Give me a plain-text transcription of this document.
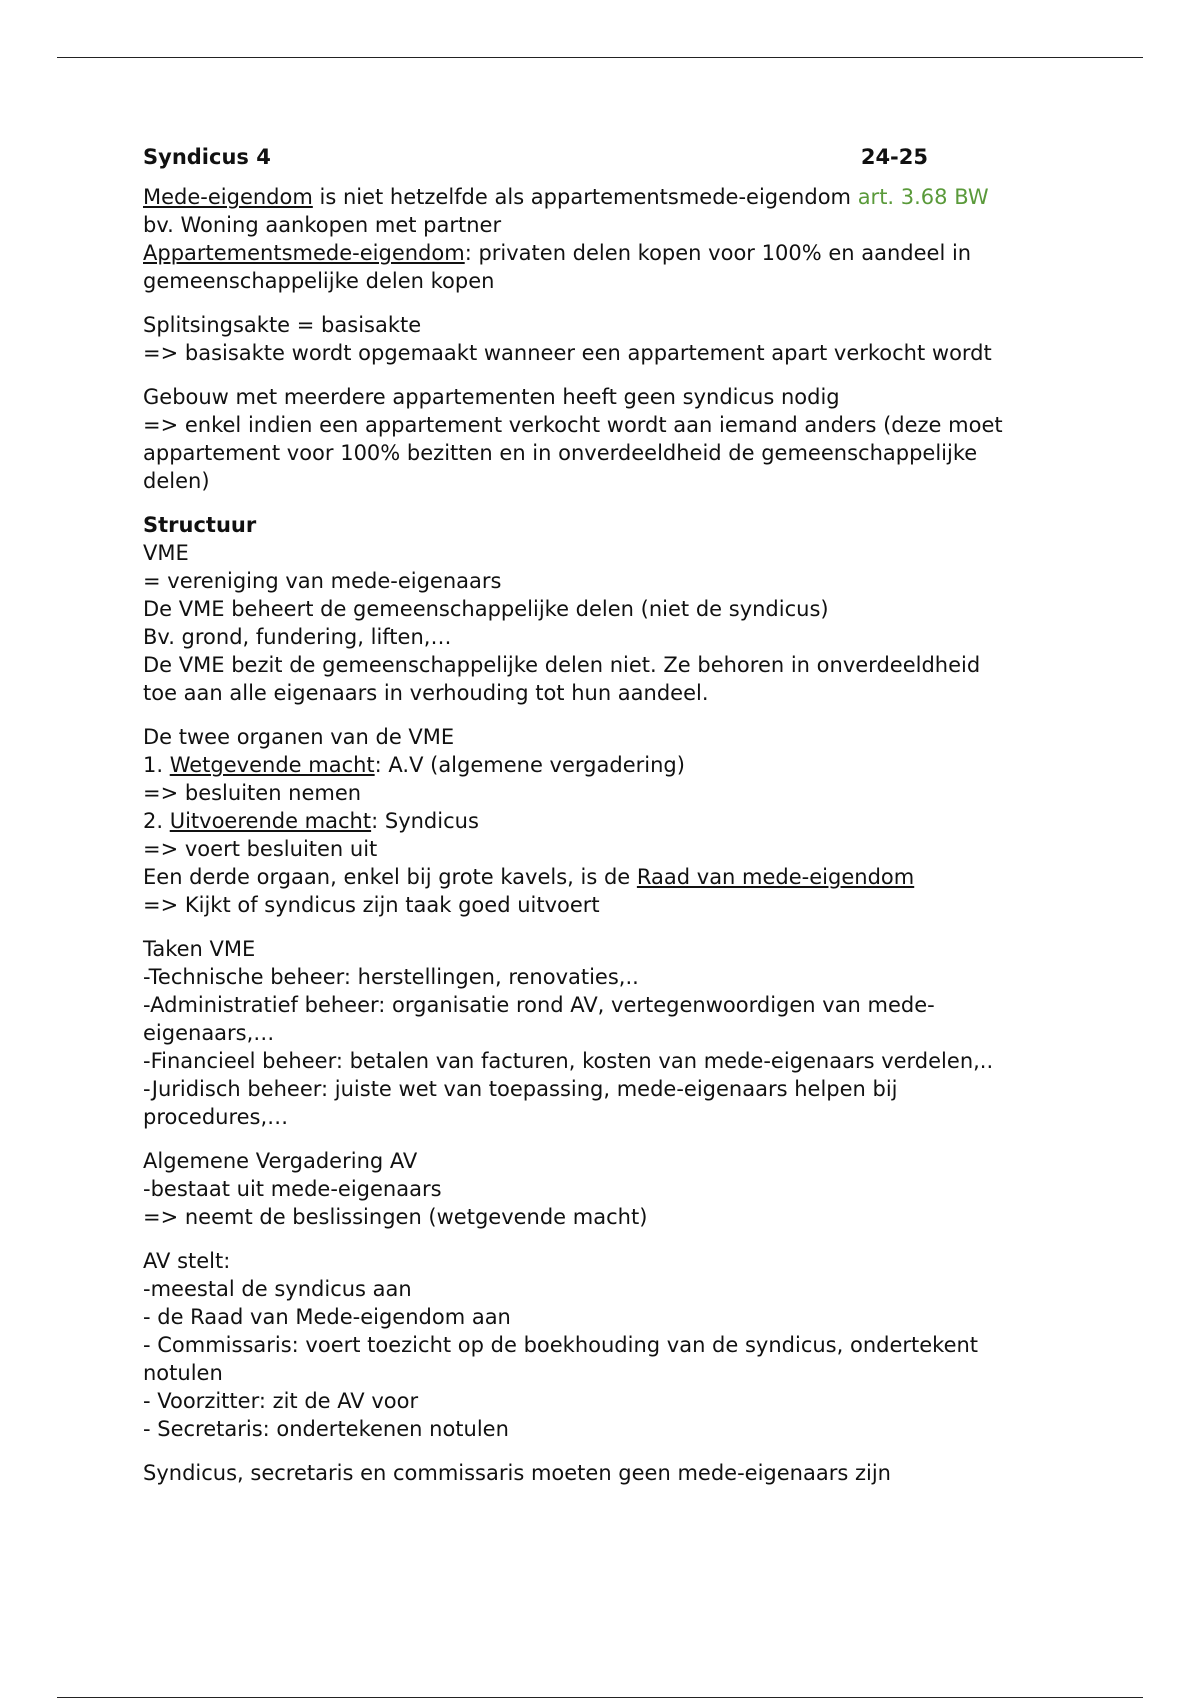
Syndicus 4	24-25
Mede-eigendom is niet hetzelfde als appartementsmede-eigendom art. 3.68 BW
bv. Woning aankopen met partner
Appartementsmede-eigendom: privaten delen kopen voor 100% en aandeel in
gemeenschappelijke delen kopen
Splitsingsakte = basisakte
=> basisakte wordt opgemaakt wanneer een appartement apart verkocht wordt
Gebouw met meerdere appartementen heeft geen syndicus nodig
=> enkel indien een appartement verkocht wordt aan iemand anders (deze moet
appartement voor 100% bezitten en in onverdeeldheid de gemeenschappelijke
delen)
Structuur
VME
= vereniging van mede-eigenaars
De VME beheert de gemeenschappelijke delen (niet de syndicus)
Bv. grond, fundering, liften,…
De VME bezit de gemeenschappelijke delen niet. Ze behoren in onverdeeldheid
toe aan alle eigenaars in verhouding tot hun aandeel.
De twee organen van de VME
1. Wetgevende macht: A.V (algemene vergadering)
=> besluiten nemen
2. Uitvoerende macht: Syndicus
=> voert besluiten uit
Een derde orgaan, enkel bij grote kavels, is de Raad van mede-eigendom
=> Kijkt of syndicus zijn taak goed uitvoert
Taken VME
-Technische beheer: herstellingen, renovaties,..
-Administratief beheer: organisatie rond AV, vertegenwoordigen van mede-
eigenaars,…
-Financieel beheer: betalen van facturen, kosten van mede-eigenaars verdelen,..
-Juridisch beheer: juiste wet van toepassing, mede-eigenaars helpen bij
procedures,…
Algemene Vergadering AV
-bestaat uit mede-eigenaars
=> neemt de beslissingen (wetgevende macht)
AV stelt:
-meestal de syndicus aan
- de Raad van Mede-eigendom aan
- Commissaris: voert toezicht op de boekhouding van de syndicus, ondertekent
notulen
- Voorzitter: zit de AV voor
- Secretaris: ondertekenen notulen
Syndicus, secretaris en commissaris moeten geen mede-eigenaars zijn
